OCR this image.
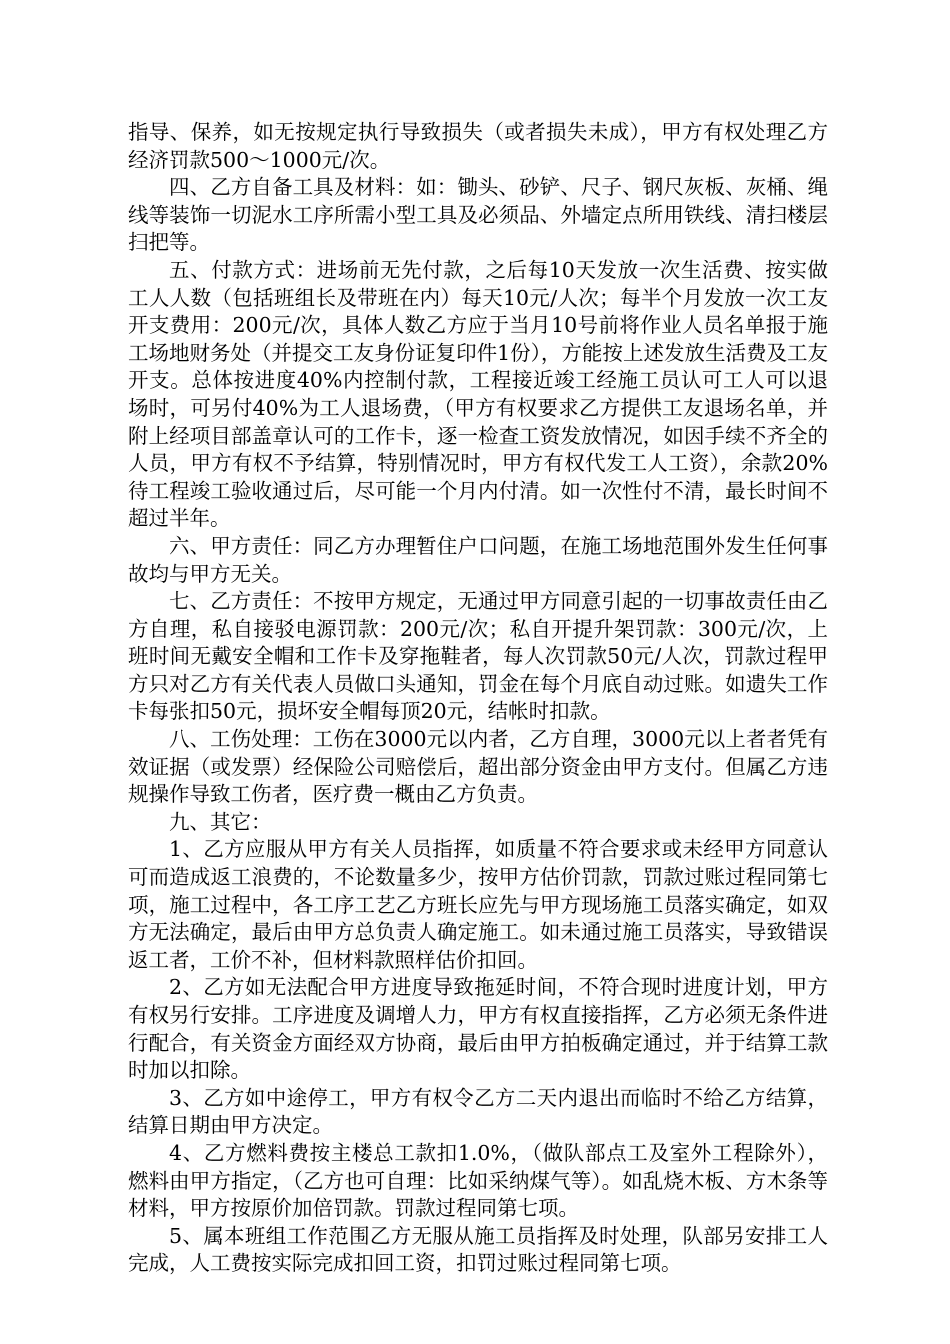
指导、保养，如无按规定执行导致损失（或者损失未成），甲方有权处理乙方经济罚款500～1000元/次。

四、乙方自备工具及材料：如：锄头、砂铲、尺子、钢尺灰板、灰桶、绳线等装饰一切泥水工序所需小型工具及必须品、外墙定点所用铁线、清扫楼层扫把等。

五、付款方式：进场前无先付款，之后每10天发放一次生活费、按实做工人人数（包括班组长及带班在内）每天10元/人次；每半个月发放一次工友开支费用：200元/次，具体人数乙方应于当月10号前将作业人员名单报于施工场地财务处（并提交工友身份证复印件1份），方能按上述发放生活费及工友开支。总体按进度40%内控制付款，工程接近竣工经施工员认可工人可以退场时，可另付40%为工人退场费，（甲方有权要求乙方提供工友退场名单，并附上经项目部盖章认可的工作卡，逐一检查工资发放情况，如因手续不齐全的人员，甲方有权不予结算，特别情况时，甲方有权代发工人工资），余款20%待工程竣工验收通过后，尽可能一个月内付清。如一次性付不清，最长时间不超过半年。

六、甲方责任：同乙方办理暂住户口问题，在施工场地范围外发生任何事故均与甲方无关。

七、乙方责任：不按甲方规定，无通过甲方同意引起的一切事故责任由乙方自理，私自接驳电源罚款：200元/次；私自开提升架罚款：300元/次，上班时间无戴安全帽和工作卡及穿拖鞋者，每人次罚款50元/人次，罚款过程甲方只对乙方有关代表人员做口头通知，罚金在每个月底自动过账。如遗失工作卡每张扣50元，损坏安全帽每顶20元，结帐时扣款。

八、工伤处理：工伤在3000元以内者，乙方自理，3000元以上者者凭有效证据（或发票）经保险公司赔偿后，超出部分资金由甲方支付。但属乙方违规操作导致工伤者，医疗费一概由乙方负责。

九、其它：

1、乙方应服从甲方有关人员指挥，如质量不符合要求或未经甲方同意认可而造成返工浪费的，不论数量多少，按甲方估价罚款，罚款过账过程同第七项，施工过程中，各工序工艺乙方班长应先与甲方现场施工员落实确定，如双方无法确定，最后由甲方总负责人确定施工。如未通过施工员落实，导致错误返工者，工价不补，但材料款照样估价扣回。

2、乙方如无法配合甲方进度导致拖延时间，不符合现时进度计划，甲方有权另行安排。工序进度及调增人力，甲方有权直接指挥，乙方必须无条件进行配合，有关资金方面经双方协商，最后由甲方拍板确定通过，并于结算工款时加以扣除。

3、乙方如中途停工，甲方有权令乙方二天内退出而临时不给乙方结算，结算日期由甲方决定。

4、乙方燃料费按主楼总工款扣1.0%，（做队部点工及室外工程除外），燃料由甲方指定，（乙方也可自理：比如采纳煤气等）。如乱烧木板、方木条等材料，甲方按原价加倍罚款。罚款过程同第七项。

5、属本班组工作范围乙方无服从施工员指挥及时处理，队部另安排工人完成，人工费按实际完成扣回工资，扣罚过账过程同第七项。
